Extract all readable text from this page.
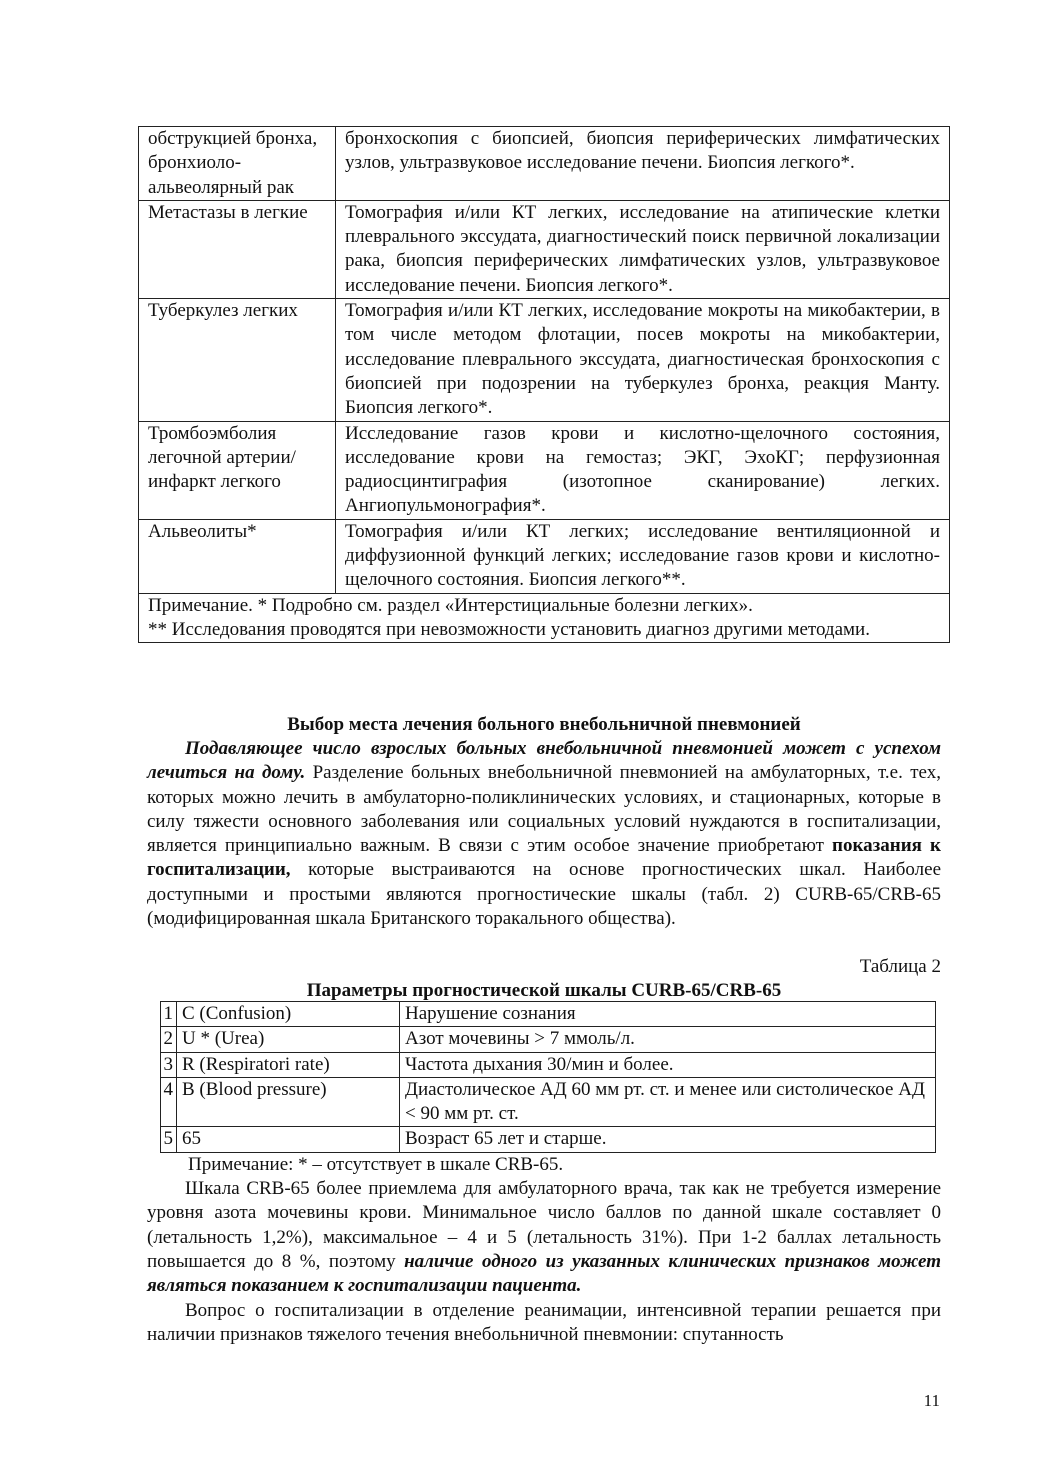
обструкцией бронха, бронхиоло-альвеолярный рак	бронхоскопия с биопсией, биопсия периферических лимфатических узлов, ультразвуковое исследование печени. Биопсия легкого*.
Метастазы в легкие	Томография и/или КТ легких, исследование на атипические клетки плеврального экссудата, диагностический поиск первичной локализации рака, биопсия периферических лимфатических узлов, ультразвуковое исследование печени. Биопсия легкого*.
Туберкулез легких	Томография и/или КТ легких, исследование мокроты на микобактерии, в том числе методом флотации, посев мокроты на микобактерии, исследование плеврального экссудата, диагностическая бронхоскопия с биопсией при подозрении на туберкулез бронха, реакция Манту. Биопсия легкого*.
Тромбоэмболия легочной артерии/инфаркт легкого	Исследование газов крови и кислотно-щелочного состояния, исследование крови на гемостаз; ЭКГ, ЭхоКГ; перфузионная радиосцинтиграфия (изотопное сканирование) легких. Ангиопульмонография*.
Альвеолиты*	Томография и/или КТ легких; исследование вентиляционной и диффузионной функций легких; исследование газов крови и кислотно-щелочного состояния. Биопсия легкого**.

Примечание. * Подробно см. раздел «Интерстициальные болезни легких».
** Исследования проводятся при невозможности установить диагноз другими методами.	
Выбор места лечения больного внебольничной пневмонией
Подавляющее число взрослых больных внебольничной пневмонией может с успехом лечиться на дому. Разделение больных внебольничной пневмонией на амбулаторных, т.е. тех, которых можно лечить в амбулаторно-поликлинических условиях, и стационарных, которые в силу тяжести основного заболевания или социальных условий нуждаются в госпитализации, является принципиально важным. В связи с этим особое значение приобретают показания к госпитализации, которые выстраиваются на основе прогностических шкал. Наиболее доступными и простыми являются прогностические шкалы (табл. 2) CURB-65/CRB-65 (модифицированная шкала Британского торакального общества).
Таблица 2
Параметры прогностической шкалы CURB-65/CRB-65
1	C (Confusion)	Нарушение сознания
2	U * (Urea)	Азот мочевины > 7 ммоль/л.
3	R (Respiratori rate)	Частота дыхания 30/мин и более.
4	B (Blood pressure)	Диастолическое АД 60 мм рт. ст. и менее или систолическое АД < 90 мм рт. ст.
5	65	Возраст 65 лет и старше.
Примечание: * – отсутствует в шкале CRB-65.
Шкала CRB-65 более приемлема для амбулаторного врача, так как не требуется измерение уровня азота мочевины крови. Минимальное число баллов по данной шкале составляет 0 (летальность 1,2%), максимальное – 4 и 5 (летальность 31%). При 1-2 баллах летальность повышается до 8 %, поэтому наличие одного из указанных клинических признаков может являться показанием к госпитализации пациента.
Вопрос о госпитализации в отделение реанимации, интенсивной терапии решается при наличии признаков тяжелого течения внебольничной пневмонии: спутанность
11
